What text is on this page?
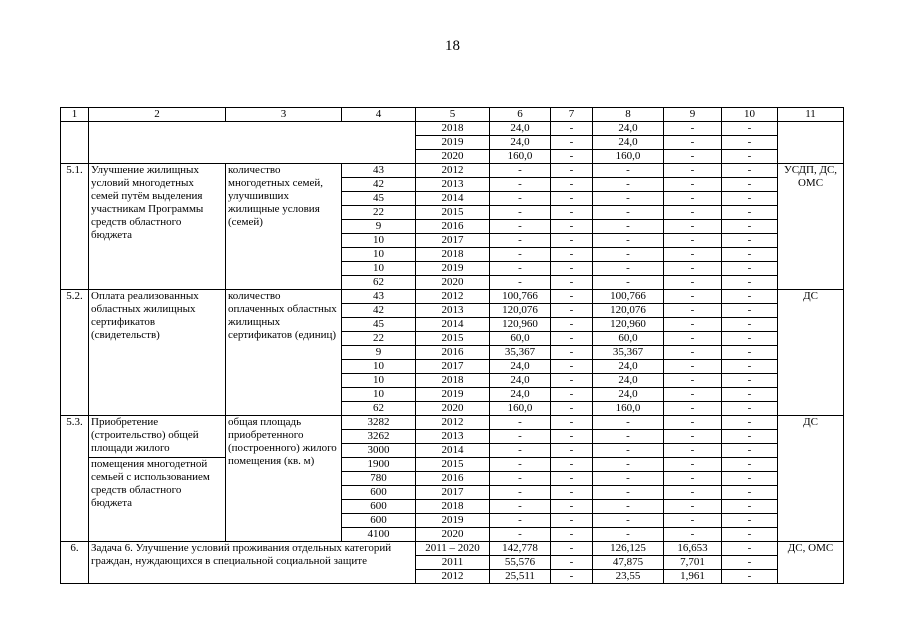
18
1	2	3	4	5	6	7	8	9	10	11
				2018	24,0	-	24,0	-	-	
				2019	24,0	-	24,0	-	-	
				2020	160,0	-	160,0	-	-	
5.1.	Улучшение жилищных условий многодетных семей путём выделения участникам Программы средств областного бюджета	количество многодетных семей, улучшивших жилищные условия (семей)	43	2012	-	-	-	-	-	УСДП, ДС, ОМС
			42	2013	-	-	-	-	-	
			45	2014	-	-	-	-	-	
			22	2015	-	-	-	-	-	
			9	2016	-	-	-	-	-	
			10	2017	-	-	-	-	-	
			10	2018	-	-	-	-	-	
			10	2019	-	-	-	-	-	
			62	2020	-	-	-	-	-	
5.2.	Оплата реализованных областных жилищных сертификатов (свидетельств)	количество оплаченных областных жилищных сертификатов (единиц)	43	2012	100,766	-	100,766	-	-	ДС
			42	2013	120,076	-	120,076	-	-	
			45	2014	120,960	-	120,960	-	-	
			22	2015	60,0	-	60,0	-	-	
			9	2016	35,367	-	35,367	-	-	
			10	2017	24,0	-	24,0	-	-	
			10	2018	24,0	-	24,0	-	-	
			10	2019	24,0	-	24,0	-	-	
			62	2020	160,0	-	160,0	-	-	
5.3.	Приобретение (строительство) общей площади жилого	общая площадь приобретенного (построенного) жилого помещения (кв. м)	3282	2012	-	-	-	-	-	ДС
			3262	2013	-	-	-	-	-	
			3000	2014	-	-	-	-	-	
	помещения многодетной семьей с использованием средств областного бюджета		1900	2015	-	-	-	-	-	
			780	2016	-	-	-	-	-	
			600	2017	-	-	-	-	-	
			600	2018	-	-	-	-	-	
			600	2019	-	-	-	-	-	
			4100	2020	-	-	-	-	-	
6.	Задача 6. Улучшение условий проживания отдельных категорий граждан, нуждающихся в специальной социальной защите			2011 – 2020	142,778	-	126,125	16,653	-	ДС, ОМС
				2011	55,576	-	47,875	7,701	-	
				2012	25,511	-	23,55	1,961	-	
